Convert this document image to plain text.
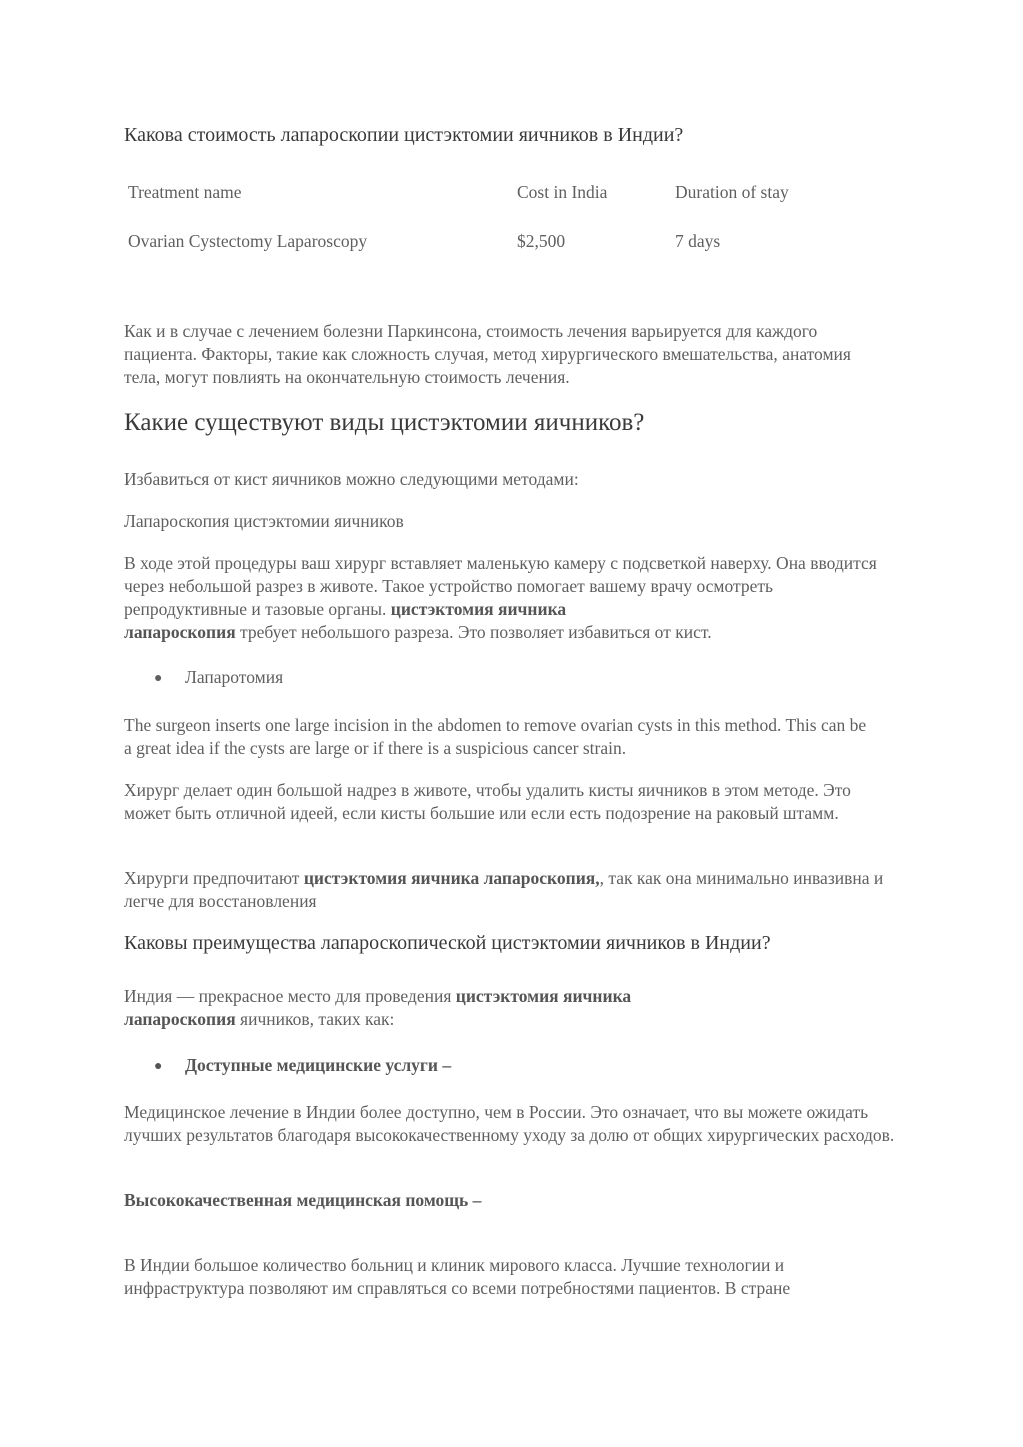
Какова стоимость лапароскопии цистэктомии яичников в Индии?
Treatment name	Cost in India	Duration of stay
Ovarian Cystectomy Laparoscopy	$2,500	7 days

Как и в случае с лечением болезни Паркинсона, стоимость лечения варьируется для каждого пациента. Факторы, такие как сложность случая, метод хирургического вмешательства, анатомия тела, могут повлиять на окончательную стоимость лечения.

Какие существуют виды цистэктомии яичников?

Избавиться от кист яичников можно следующими методами:

Лапароскопия цистэктомии яичников

В ходе этой процедуры ваш хирург вставляет маленькую камеру с подсветкой наверху. Она вводится через небольшой разрез в животе. Такое устройство помогает вашему врачу осмотреть репродуктивные и тазовые органы. цистэктомия яичника
лапароскопия требует небольшого разреза. Это позволяет избавиться от кист.

● Лапаротомия

The surgeon inserts one large incision in the abdomen to remove ovarian cysts in this method. This can be a great idea if the cysts are large or if there is a suspicious cancer strain.

Хирург делает один большой надрез в животе, чтобы удалить кисты яичников в этом методе. Это может быть отличной идеей, если кисты большие или если есть подозрение на раковый штамм.

Хирурги предпочитают цистэктомия яичника лапароскопия,, так как она минимально инвазивна и легче для восстановления

Каковы преимущества лапароскопической цистэктомии яичников в Индии?

Индия — прекрасное место для проведения цистэктомия яичника
лапароскопия яичников, таких как:

● Доступные медицинские услуги –

Медицинское лечение в Индии более доступно, чем в России. Это означает, что вы можете ожидать лучших результатов благодаря высококачественному уходу за долю от общих хирургических расходов.

Высококачественная медицинская помощь –

В Индии большое количество больниц и клиник мирового класса. Лучшие технологии и инфраструктура позволяют им справляться со всеми потребностями пациентов. В стране
